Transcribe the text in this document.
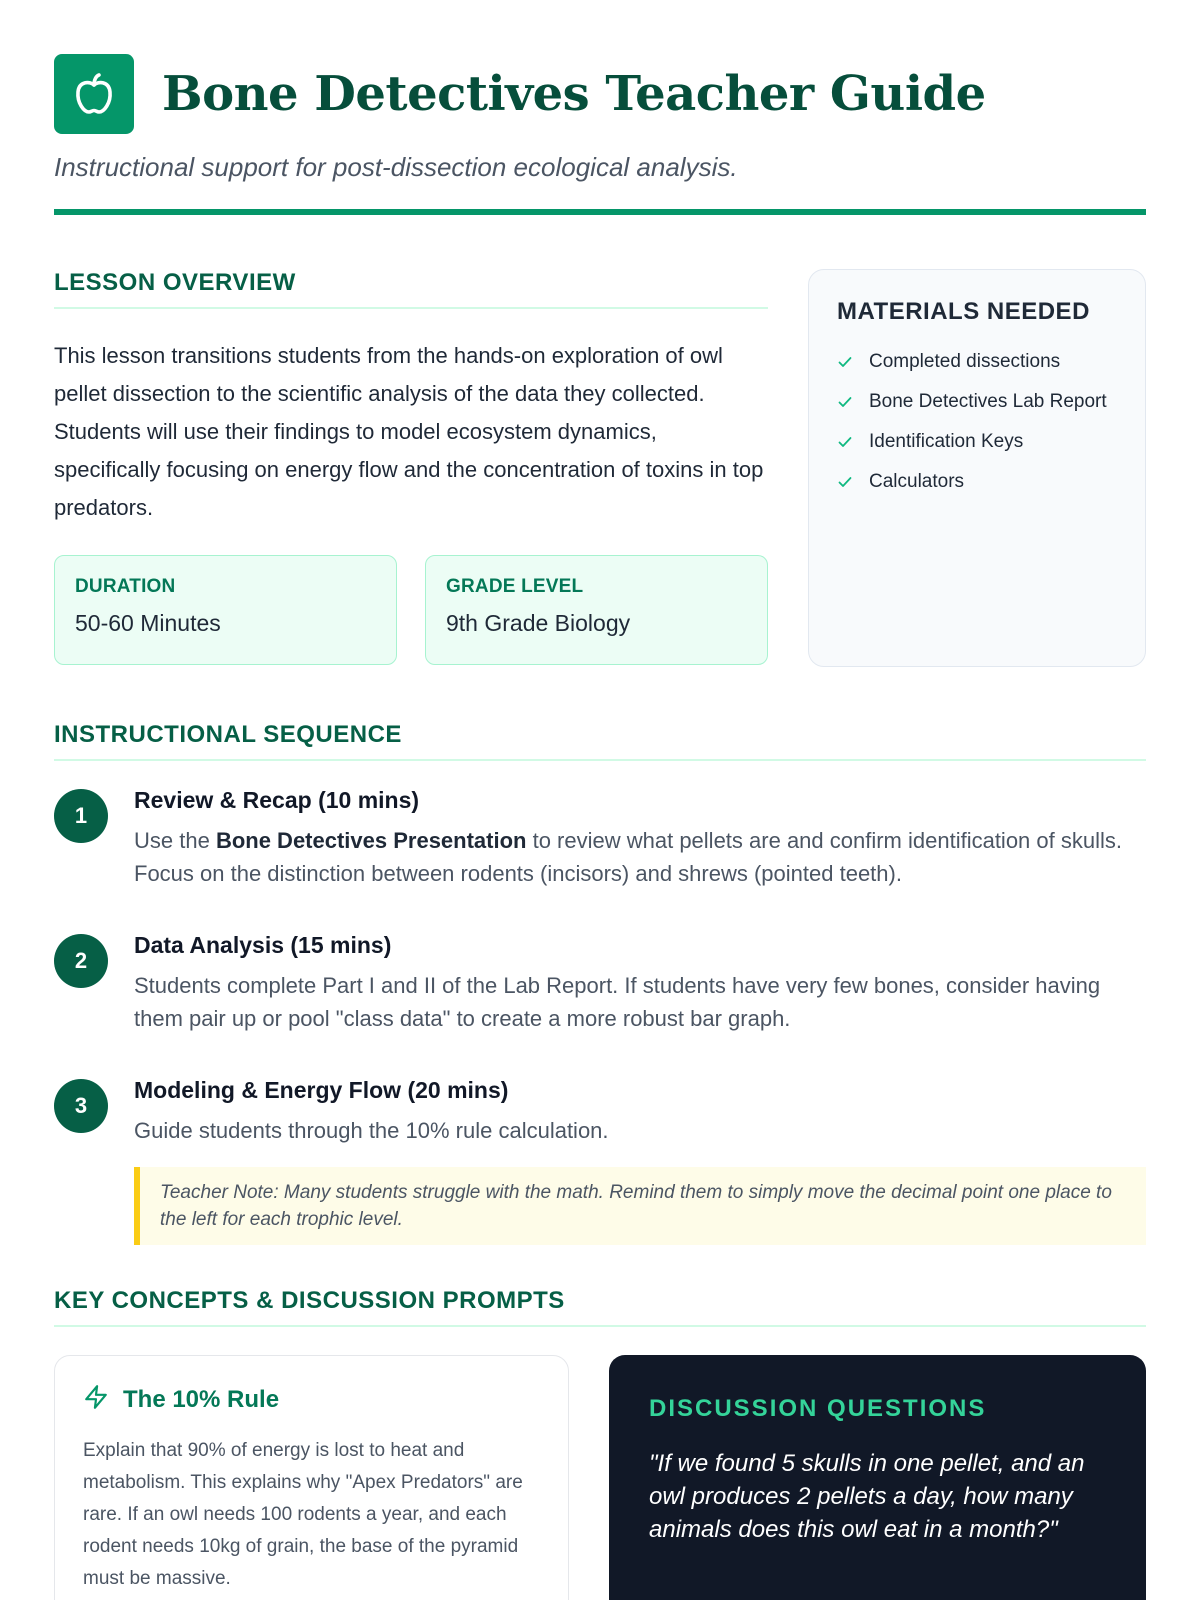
Bone Detectives Teacher Guide

Instructional support for post-dissection ecological analysis.

LESSON OVERVIEW

This lesson transitions students from the hands-on exploration of owl pellet dissection to the scientific analysis of the data they collected. Students will use their findings to model ecosystem dynamics, specifically focusing on energy flow and the concentration of toxins in top predators.

DURATION
50-60 Minutes
GRADE LEVEL
9th Grade Biology
MATERIALS NEEDED
Completed dissections
Bone Detectives Lab Report
Identification Keys
Calculators
INSTRUCTIONAL SEQUENCE
1
Review & Recap (10 mins)

Use the Bone Detectives Presentation to review what pellets are and confirm identification of skulls. Focus on the distinction between rodents (incisors) and shrews (pointed teeth).

2
Data Analysis (15 mins)

Students complete Part I and II of the Lab Report. If students have very few bones, consider having them pair up or pool "class data" to create a more robust bar graph.

3
Modeling & Energy Flow (20 mins)

Guide students through the 10% rule calculation.

Teacher Note: Many students struggle with the math. Remind them to simply move the decimal point one place to the left for each trophic level.
KEY CONCEPTS & DISCUSSION PROMPTS
The 10% Rule

Explain that 90% of energy is lost to heat and metabolism. This explains why "Apex Predators" are rare. If an owl needs 100 rodents a year, and each rodent needs 10kg of grain, the base of the pyramid must be massive.

DISCUSSION QUESTIONS

"If we found 5 skulls in one pellet, and an owl produces 2 pellets a day, how many animals does this owl eat in a month?"
